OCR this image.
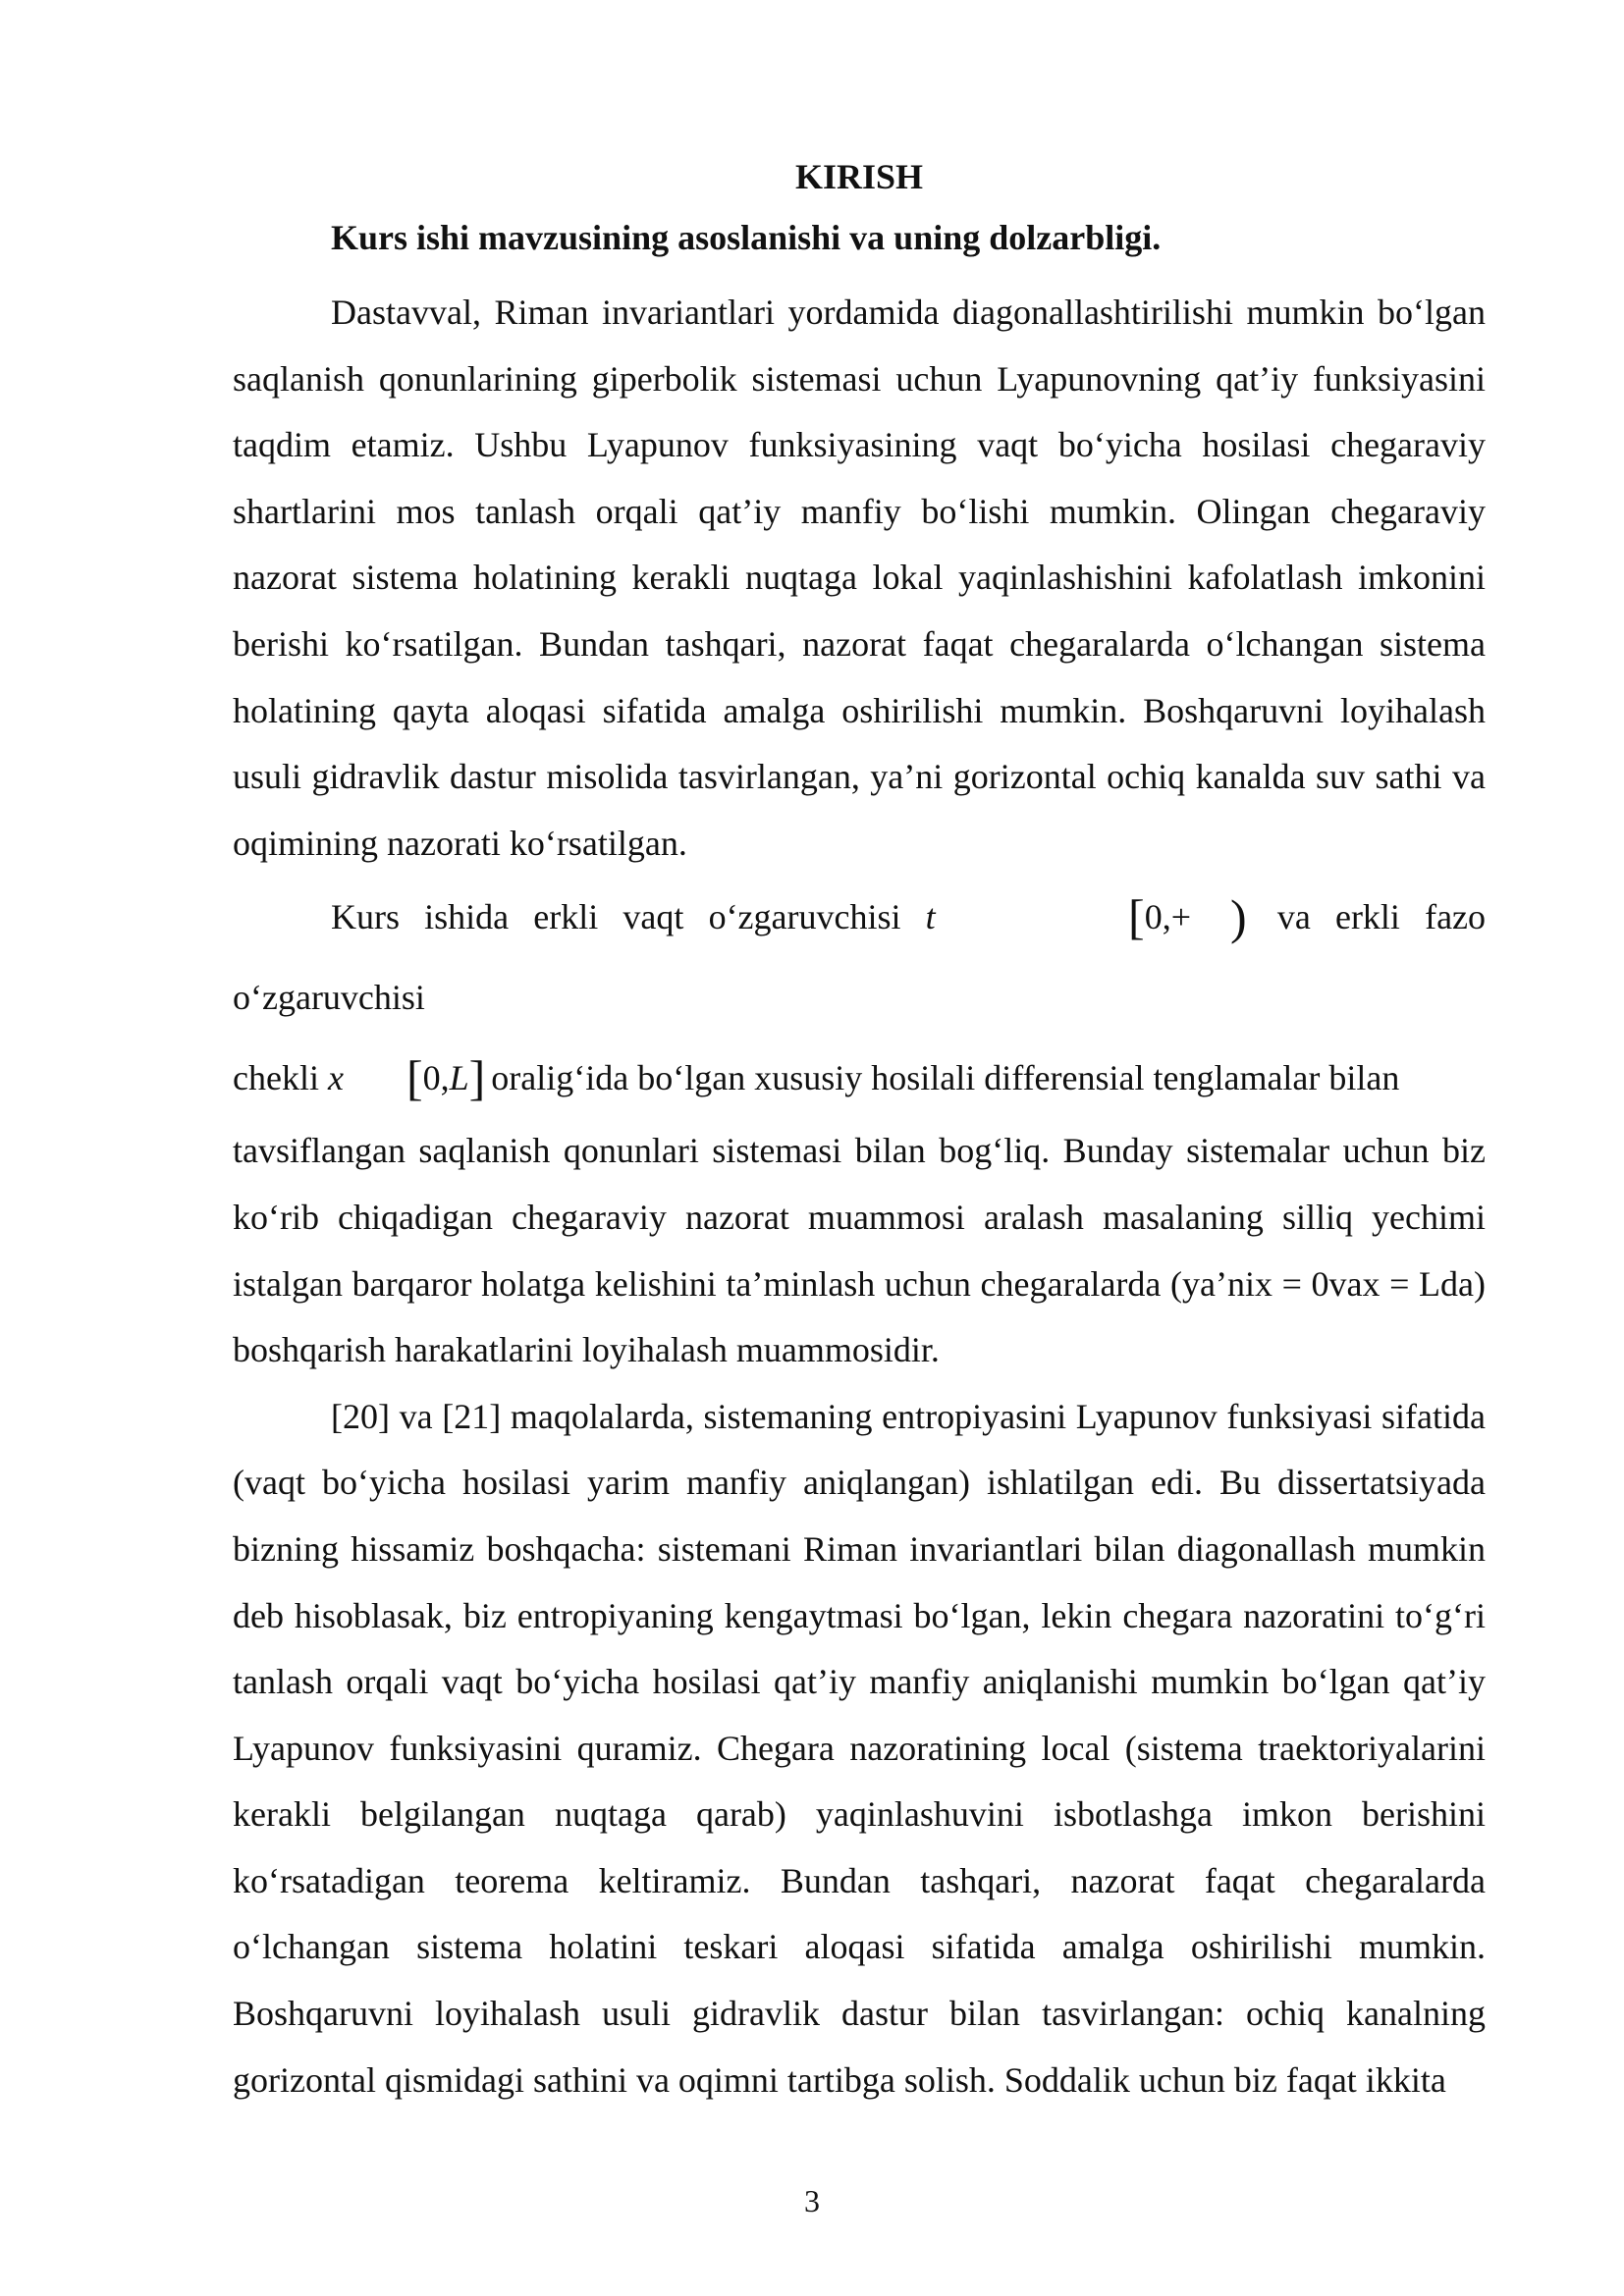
KIRISH
Kurs ishi mavzusining asoslanishi va uning dolzarbligi.

Dastavval, Riman invariantlari yordamida diagonallashtirilishi mumkin bo‘lgan saqlanish qonunlarining giperbolik sistemasi uchun Lyapunovning qat’iy funksiyasini taqdim etamiz. Ushbu Lyapunov funksiyasining vaqt bo‘yicha hosilasi chegaraviy shartlarini mos tanlash orqali qat’iy manfiy bo‘lishi mumkin. Olingan chegaraviy nazorat sistema holatining kerakli nuqtaga lokal yaqinlashishini kafolatlash imkonini berishi ko‘rsatilgan. Bundan tashqari, nazorat faqat chegaralarda o‘lchangan sistema holatining qayta aloqasi sifatida amalga oshirilishi mumkin. Boshqaruvni loyihalash usuli gidravlik dastur misolida tasvirlangan, ya’ni gorizontal ochiq kanalda suv sathi va oqimining nazorati ko‘rsatilgan.

Kurs ishida erkli vaqt o‘zgaruvchisi t	[0,+ ) va erkli fazo o‘zgaruvchisi
chekli x [0,L] oralig‘ida bo‘lgan xususiy hosilali differensial tenglamalar bilan

tavsiflangan saqlanish qonunlari sistemasi bilan bog‘liq. Bunday sistemalar uchun biz ko‘rib chiqadigan chegaraviy nazorat muammosi aralash masalaning silliq yechimi istalgan barqaror holatga kelishini ta’minlash uchun chegaralarda (ya’nix = 0vax = Lda) boshqarish harakatlarini loyihalash muammosidir.

[20] va [21] maqolalarda, sistemaning entropiyasini Lyapunov funksiyasi sifatida (vaqt bo‘yicha hosilasi yarim manfiy aniqlangan) ishlatilgan edi. Bu dissertatsiyada bizning hissamiz boshqacha: sistemani Riman invariantlari bilan diagonallash mumkin deb hisoblasak, biz entropiyaning kengaytmasi bo‘lgan, lekin chegara nazoratini to‘g‘ri tanlash orqali vaqt bo‘yicha hosilasi qat’iy manfiy aniqlanishi mumkin bo‘lgan qat’iy Lyapunov funksiyasini quramiz. Chegara nazoratining local (sistema traektoriyalarini kerakli belgilangan nuqtaga qarab) yaqinlashuvini isbotlashga imkon berishini ko‘rsatadigan teorema keltiramiz. Bundan tashqari, nazorat faqat chegaralarda o‘lchangan sistema holatini teskari aloqasi sifatida amalga oshirilishi mumkin. Boshqaruvni loyihalash usuli gidravlik dastur bilan tasvirlangan: ochiq kanalning gorizontal qismidagi sathini va oqimni tartibga solish. Soddalik uchun biz faqat ikkita

3
